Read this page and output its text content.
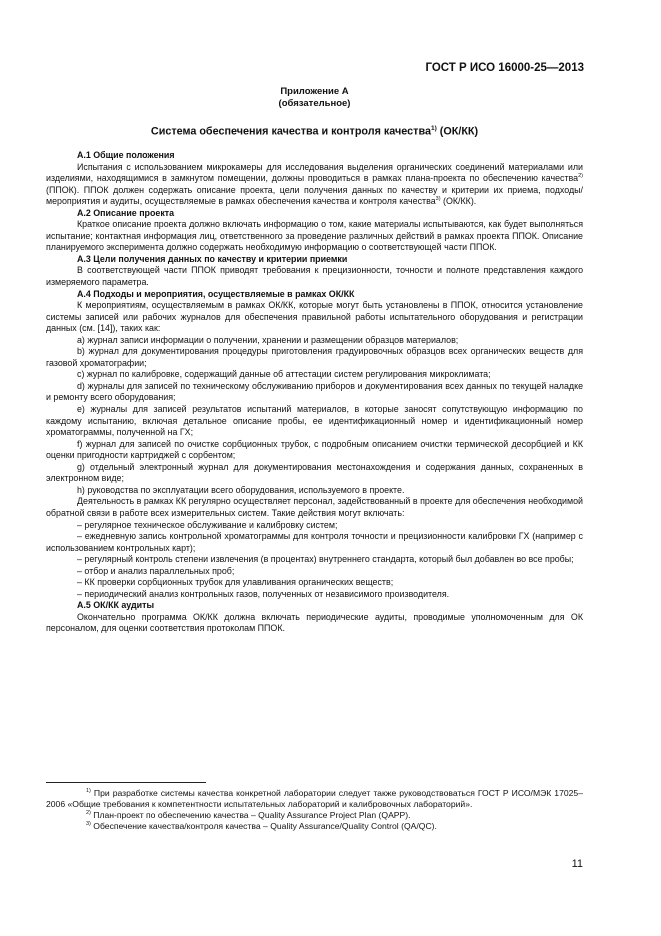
ГОСТ Р ИСО 16000-25—2013
Приложение А
(обязательное)
Система обеспечения качества и контроля качества$^{1)}$ (ОК/КК)
А.1 Общие положения

Испытания с использованием микрокамеры для исследования выделения органических соединений материалами или изделиями, находящимися в замкнутом помещении, должны проводиться в рамках плана-проекта по обеспечению качества$^{2)}$ (ППОК). ППОК должен содержать описание проекта, цели получения данных по качеству и критерии их приема, подходы/мероприятия и аудиты, осуществляемые в рамках обеспечения качества и контроля качества$^{3)}$ (ОК/КК).

А.2 Описание проекта

Краткое описание проекта должно включать информацию о том, какие материалы испытываются, как будет выполняться испытание; контактная информация лиц, ответственного за проведение различных действий в рамках проекта ППОК. Описание планируемого эксперимента должно содержать необходимую информацию о соответствующей части ППОК.

А.3 Цели получения данных по качеству и критерии приемки

В соответствующей части ППОК приводят требования к прецизионности, точности и полноте представления каждого измеряемого параметра.

А.4 Подходы и мероприятия, осуществляемые в рамках ОК/КК

К мероприятиям, осуществляемым в рамках ОК/КК, которые могут быть установлены в ППОК, относится установление системы записей или рабочих журналов для обеспечения правильной работы испытательного оборудования и регистрации данных (см. [14]), таких как:

a) журнал записи информации о получении, хранении и размещении образцов материалов;

b) журнал для документирования процедуры приготовления градуировочных образцов всех органических веществ для газовой хроматографии;

c) журнал по калибровке, содержащий данные об аттестации систем регулирования микроклимата;

d) журналы для записей по техническому обслуживанию приборов и документирования всех данных по текущей наладке и ремонту всего оборудования;

e) журналы для записей результатов испытаний материалов, в которые заносят сопутствующую информацию по каждому испытанию, включая детальное описание пробы, ее идентификационный номер и идентификационный номер хроматограммы, полученной на ГХ;

f) журнал для записей по очистке сорбционных трубок, с подробным описанием очистки термической десорбцией и КК оценки пригодности картриджей с сорбентом;

g) отдельный электронный журнал для документирования местонахождения и содержания данных, сохраненных в электронном виде;

h) руководства по эксплуатации всего оборудования, используемого в проекте.

Деятельность в рамках КК регулярно осуществляет персонал, задействованный в проекте для обеспечения необходимой обратной связи в работе всех измерительных систем. Такие действия могут включать:

– регулярное техническое обслуживание и калибровку систем;

– ежедневную запись контрольной хроматограммы для контроля точности и прецизионности калибровки ГХ (например с использованием контрольных карт);

– регулярный контроль степени извлечения (в процентах) внутреннего стандарта, который был добавлен во все пробы;

– отбор и анализ параллельных проб;

– КК проверки сорбционных трубок для улавливания органических веществ;

– периодический анализ контрольных газов, полученных от независимого производителя.

А.5 ОК/КК аудиты

Окончательно программа ОК/КК должна включать периодические аудиты, проводимые уполномоченным для ОК персоналом, для оценки соответствия протоколам ППОК.

$^{1)}$ При разработке системы качества конкретной лаборатории следует также руководствоваться ГОСТ Р ИСО/МЭК 17025–2006 «Общие требования к компетентности испытательных лабораторий и калибровочных лабораторий».

$^{2)}$ План-проект по обеспечению качества – Quality Assurance Project Plan (QAPP).

$^{3)}$ Обеспечение качества/контроля качества – Quality Assurance/Quality Control (QA/QC).

11
